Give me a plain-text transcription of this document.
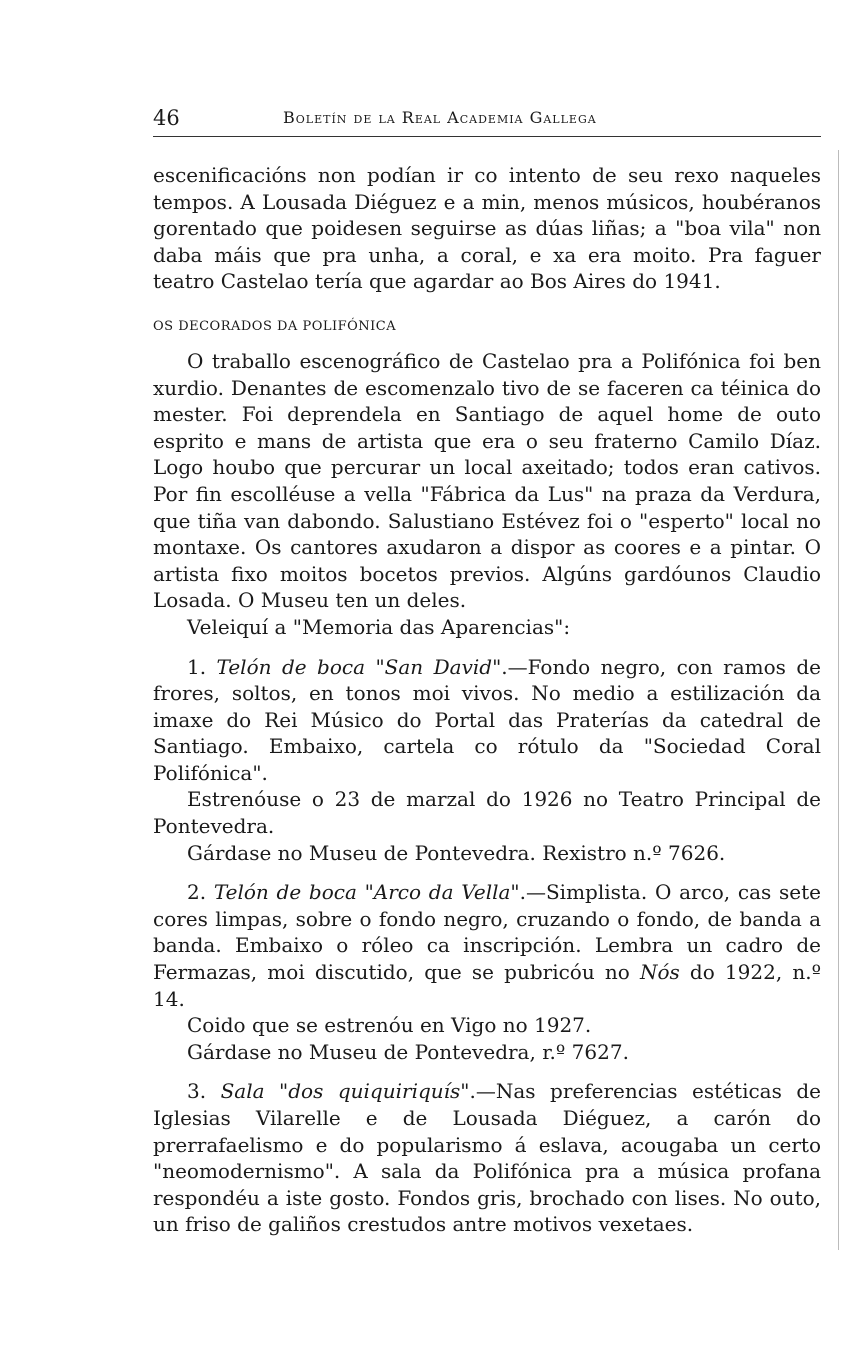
46	Boletín de la Real Academia Gallega

escenificacións non podían ir co intento de seu rexo naqueles tempos. A Lousada Diéguez e a min, menos músicos, houbéranos gorentado que poidesen seguirse as dúas liñas; a "boa vila" non daba máis que pra unha, a coral, e xa era moito. Pra faguer teatro Castelao tería que agardar ao Bos Aires do 1941.

OS DECORADOS DA POLIFÓNICA

O traballo escenográfico de Castelao pra a Polifónica foi ben xurdio. Denantes de escomenzalo tivo de se faceren ca téinica do mester. Foi deprendela en Santiago de aquel home de outo esprito e mans de artista que era o seu fraterno Camilo Díaz. Logo houbo que percurar un local axeitado; todos eran cativos. Por fin escolléuse a vella "Fábrica da Lus" na praza da Verdura, que tiña van dabondo. Salustiano Estévez foi o "esperto" local no montaxe. Os cantores axudaron a dispor as coores e a pintar. O artista fixo moitos bocetos previos. Algúns gardóunos Claudio Losada. O Museu ten un deles.

Veleiquí a "Memoria das Aparencias":

1. Telón de boca "San David".—Fondo negro, con ramos de frores, soltos, en tonos moi vivos. No medio a estilización da imaxe do Rei Músico do Portal das Praterías da catedral de Santiago. Embaixo, cartela co rótulo da "Sociedad Coral Polifónica".

Estrenóuse o 23 de marzal do 1926 no Teatro Principal de Pontevedra.

Gárdase no Museu de Pontevedra. Rexistro n.º 7626.

2. Telón de boca "Arco da Vella".—Simplista. O arco, cas sete cores limpas, sobre o fondo negro, cruzando o fondo, de banda a banda. Embaixo o róleo ca inscripción. Lembra un cadro de Fermazas, moi discutido, que se pubricóu no Nós do 1922, n.º 14.

Coido que se estrenóu en Vigo no 1927.

Gárdase no Museu de Pontevedra, r.º 7627.

3. Sala "dos quiquiriquís".—Nas preferencias estéticas de Iglesias Vilarelle e de Lousada Diéguez, a carón do prerrafaelismo e do popularismo á eslava, acougaba un certo "neomodernismo". A sala da Polifónica pra a música profana respondéu a iste gosto. Fondos gris, brochado con lises. No outo, un friso de galiños crestudos antre motivos vexetaes.
